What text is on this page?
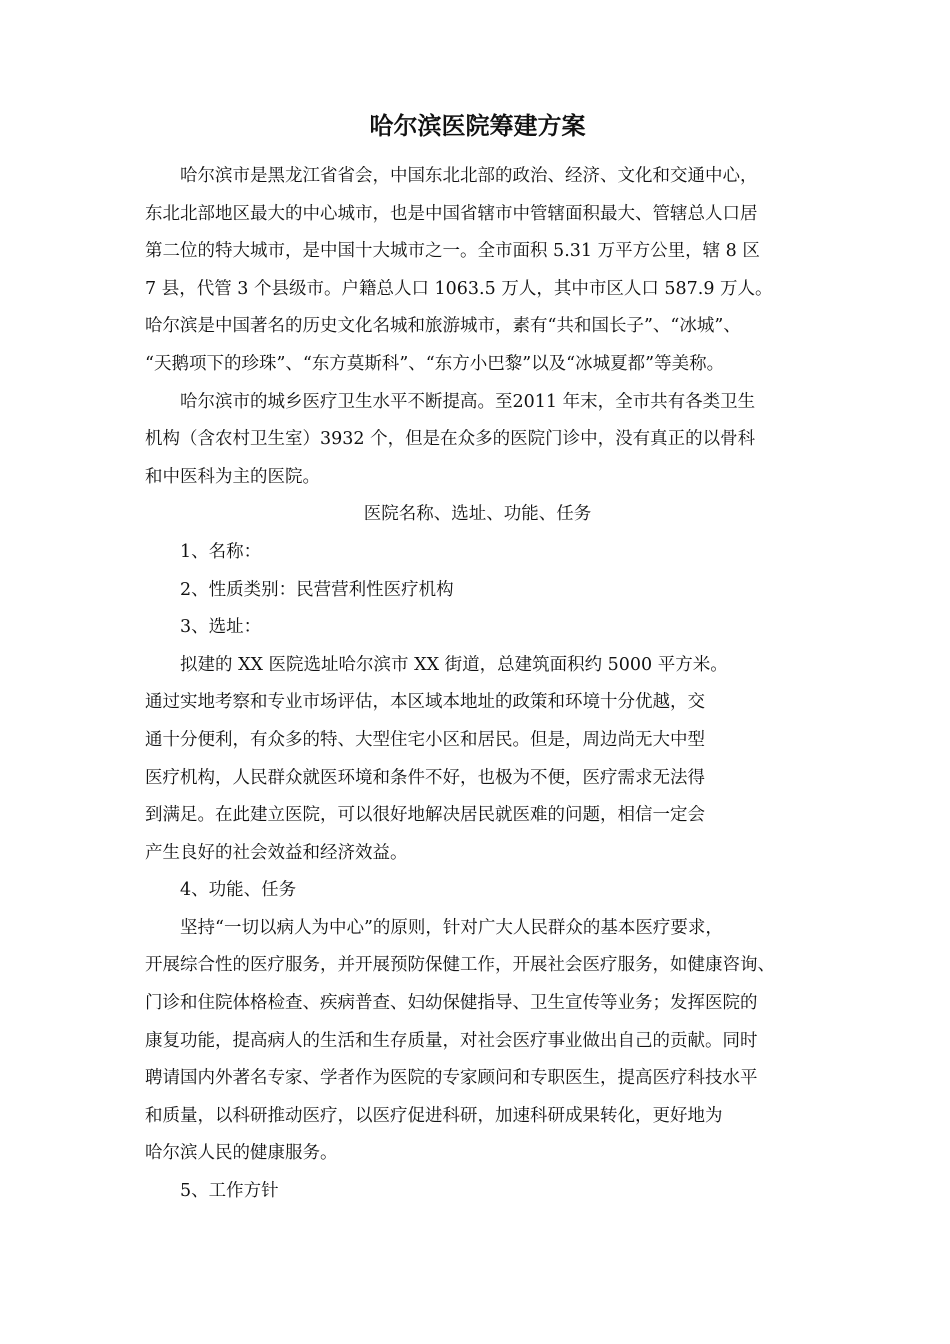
哈尔滨医院筹建方案
哈尔滨市是黑龙江省省会，中国东北北部的政治、经济、文化和交通中心，
东北北部地区最大的中心城市，也是中国省辖市中管辖面积最大、管辖总人口居
第二位的特大城市，是中国十大城市之一。全市面积 5.31 万平方公里，辖 8 区
7 县，代管 3 个县级市。户籍总人口 1063.5 万人，其中市区人口 587.9 万人。
哈尔滨是中国著名的历史文化名城和旅游城市，素有“共和国长子”、“冰城”、
“天鹅项下的珍珠”、“东方莫斯科”、“东方小巴黎”以及“冰城夏都”等美称。
哈尔滨市的城乡医疗卫生水平不断提高。至2011 年末，全市共有各类卫生
机构（含农村卫生室）3932 个，但是在众多的医院门诊中，没有真正的以骨科
和中医科为主的医院。

医院名称、选址、功能、任务

1、名称：

2、性质类别：民营营利性医疗机构

3、选址：

拟建的 XX 医院选址哈尔滨市 XX 街道，总建筑面积约 5000 平方米。
通过实地考察和专业市场评估，本区域本地址的政策和环境十分优越，交
通十分便利，有众多的特、大型住宅小区和居民。但是，周边尚无大中型
医疗机构，人民群众就医环境和条件不好，也极为不便，医疗需求无法得
到满足。在此建立医院，可以很好地解决居民就医难的问题，相信一定会
产生良好的社会效益和经济效益。

4、功能、任务

坚持“一切以病人为中心”的原则，针对广大人民群众的基本医疗要求，
开展综合性的医疗服务，并开展预防保健工作，开展社会医疗服务，如健康咨询、
门诊和住院体格检查、疾病普查、妇幼保健指导、卫生宣传等业务；发挥医院的
康复功能，提高病人的生活和生存质量，对社会医疗事业做出自己的贡献。同时
聘请国内外著名专家、学者作为医院的专家顾问和专职医生，提高医疗科技水平
和质量，以科研推动医疗，以医疗促进科研，加速科研成果转化，更好地为
哈尔滨人民的健康服务。

5、工作方针
